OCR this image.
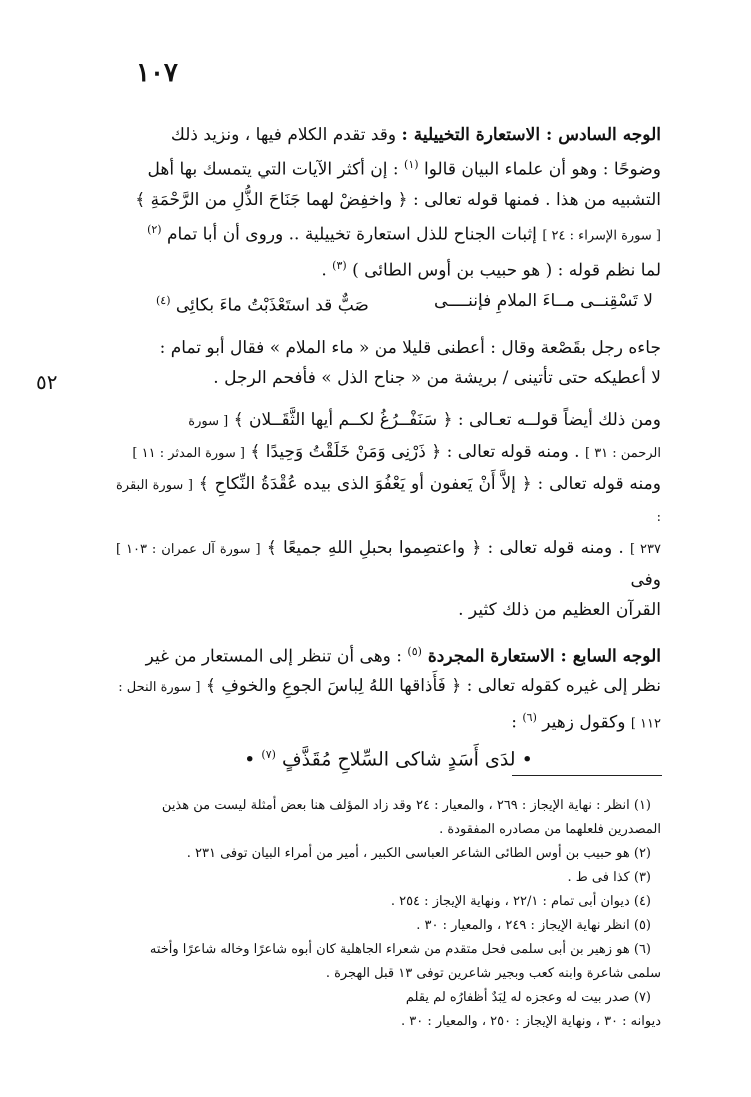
١٠٧
٥٢

الوجه السادس : الاستعارة التخييلية : وقد تقدم الكلام فيها ، ونزيد ذلك

وضوحًا : وهو أن علماء البيان قالوا $^{(١)}$ : إن أكثر الآيات التي يتمسك بها أهل

التشبيه من هذا . فمنها قوله تعالى : ﴿ واخفِضْ لهما جَنَاحَ الذُّلِ من الرَّحْمَةِ ﴾

[ سورة الإسراء : ٢٤ ] إثبات الجناح للذل استعارة تخييلية .. وروى أن أبا تمام $^{(٢)}$

لما نظم قوله : ( هو حبيب بن أوس الطائى ) $^{(٣)}$ .

لا تَسْقِنــى مــاءَ الملامِ فإننــــى
صَبٌّ قد استَعْذَبْتُ ماءَ بكائِى $^{(٤)}$

جاءه رجل بقَصْعة وقال : أعطنى قليلا من « ماء الملام » فقال أبو تمام :

لا أعطيكه حتى تأتينى / بريشة من « جناح الذل » فأفحم الرجل .

ومن ذلك أيضاً قولــه تعـالى : ﴿ سَنَفْــرُغُ لكــم أيها الثَّقَــلان ﴾ [ سورة

الرحمن : ٣١ ] . ومنه قوله تعالى : ﴿ ذَرْنِى وَمَنْ خَلَقْتُ وَحِيدًا ﴾ [ سورة المدثر : ١١ ]

ومنه قوله تعالى : ﴿ إلاَّ أَنْ يَعفون أو يَعْفُوَ الذى بيده عُقْدَةُ النِّكاحِ ﴾ [ سورة البقرة :

٢٣٧ ] . ومنه قوله تعالى : ﴿ واعتصِموا بحبلِ اللهِ جميعًا ﴾ [ سورة آل عمران : ١٠٣ ] وفى

القرآن العظيم من ذلك كثير .

الوجه السابع : الاستعارة المجردة $^{(٥)}$ : وهى أن تنظر إلى المستعار من غير

نظر إلى غيره كقوله تعالى : ﴿ فَأَذاقها اللهُ لِباسَ الجوعِ والخوفِ ﴾ [ سورة النحل :

١١٢ ] وكقول زهير $^{(٦)}$ :

• لدَى أَسَدٍ شاكى السِّلاحِ مُقَذَّفٍ $^{(٧)}$ •

(١) انظر : نهاية الإيجاز : ٢٦٩ ، والمعيار : ٢٤ وقد زاد المؤلف هنا بعض أمثلة ليست من هذين

المصدرين فلعلهما من مصادره المفقودة .

(٢) هو حبيب بن أوس الطائى الشاعر العباسى الكبير ، أمير من أمراء البيان توفى ٢٣١ .

(٣) كذا فى ط .

(٤) ديوان أبى تمام : ٢٢/١ ، ونهاية الإيجاز : ٢٥٤ .

(٥) انظر نهاية الإيجاز : ٢٤٩ ، والمعيار : ٣٠ .

(٦) هو زهير بن أبى سلمى فحل متقدم من شعراء الجاهلية كان أبوه شاعرًا وخاله شاعرًا وأخته

سلمى شاعرة وابنه كعب وبجير شاعرين توفى ١٣ قبل الهجرة .

(٧) صدر بيت له وعجزه له لِبَدٌ أظفارُه لم يقلم

ديوانه : ٣٠ ، ونهاية الإيجاز : ٢٥٠ ، والمعيار : ٣٠ .
